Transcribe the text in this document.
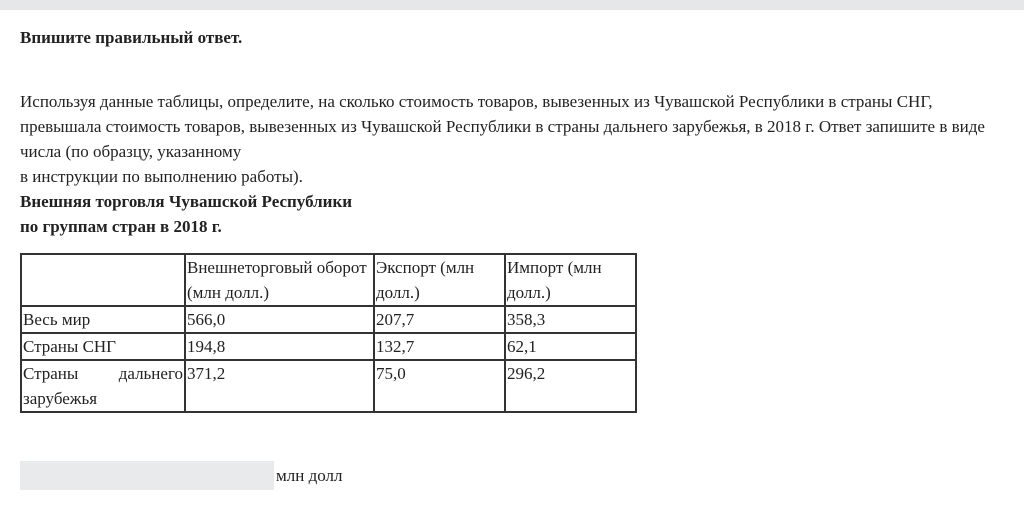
Впишите правильный ответ.

Используя данные таблицы, определите, на сколько стоимость товаров, вывезенных из Чувашской Республики в страны СНГ, превышала стоимость товаров, вывезенных из Чувашской Республики в страны дальнего зарубежья, в 2018 г. Ответ запишите в виде числа (по образцу, указанному

в инструкции по выполнению работы).

Внешняя торговля Чувашской Республики

по группам стран в 2018 г.

	Внешнеторговый оборот (млн долл.)	Экспорт (млн долл.)	Импорт (млн долл.)
Весь мир	566,0	207,7	358,3
Страны СНГ	194,8	132,7	62,1
Страны дальнего зарубежья	371,2	75,0	296,2
млн долл
